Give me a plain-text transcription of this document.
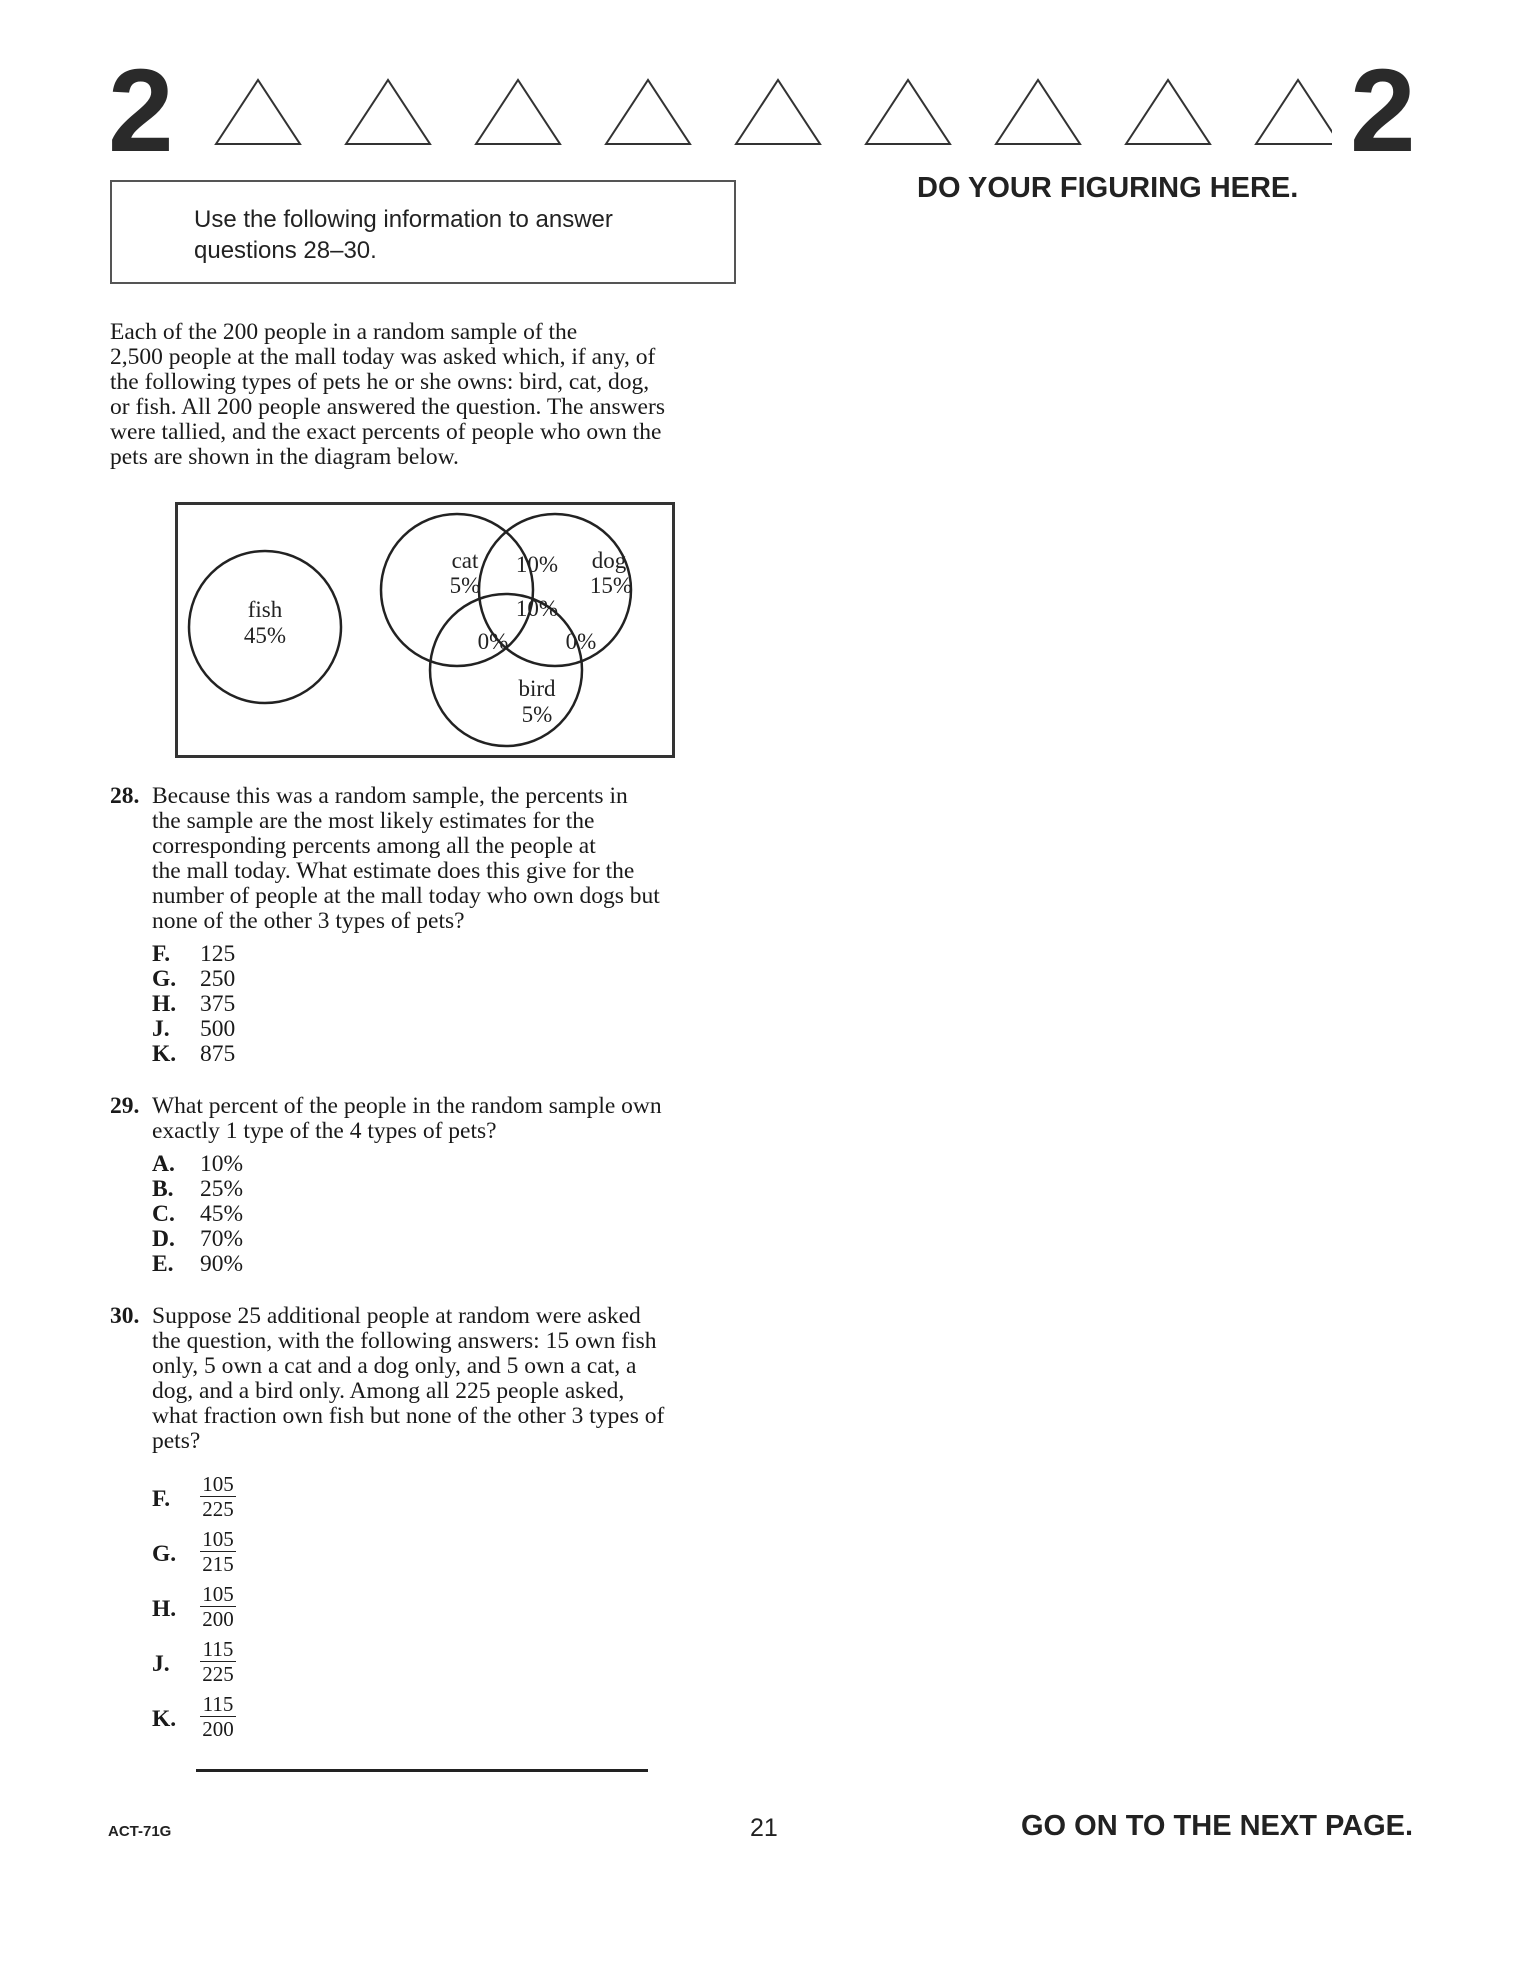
2	2
DO YOUR FIGURING HERE.
Use the following information to answer
questions 28–30.
Each of the 200 people in a random sample of the
2,500 people at the mall today was asked which, if any, of
the following types of pets he or she owns: bird, cat, dog,
or fish. All 200 people answered the question. The answers
were tallied, and the exact percents of people who own the
pets are shown in the diagram below.
fish
45%
cat
5%
dog
15%
10%
10%
0% 0%
bird
5%
28. Because this was a random sample, the percents in
the sample are the most likely estimates for the
corresponding percents among all the people at
the mall today. What estimate does this give for the
number of people at the mall today who own dogs but
none of the other 3 types of pets?
F. 125
G. 250
H. 375
J. 500
K. 875
29. What percent of the people in the random sample own
exactly 1 type of the 4 types of pets?
A. 10%
B. 25%
C. 45%
D. 70%
E. 90%
30. Suppose 25 additional people at random were asked
the question, with the following answers: 15 own fish
only, 5 own a cat and a dog only, and 5 own a cat, a
dog, and a bird only. Among all 225 people asked,
what fraction own fish but none of the other 3 types of
pets?
F. $\frac{105}{225}$
G. $\frac{105}{215}$
H. $\frac{105}{200}$
J. $\frac{115}{225}$
K. $\frac{115}{200}$
ACT-71G	21	GO ON TO THE NEXT PAGE.
